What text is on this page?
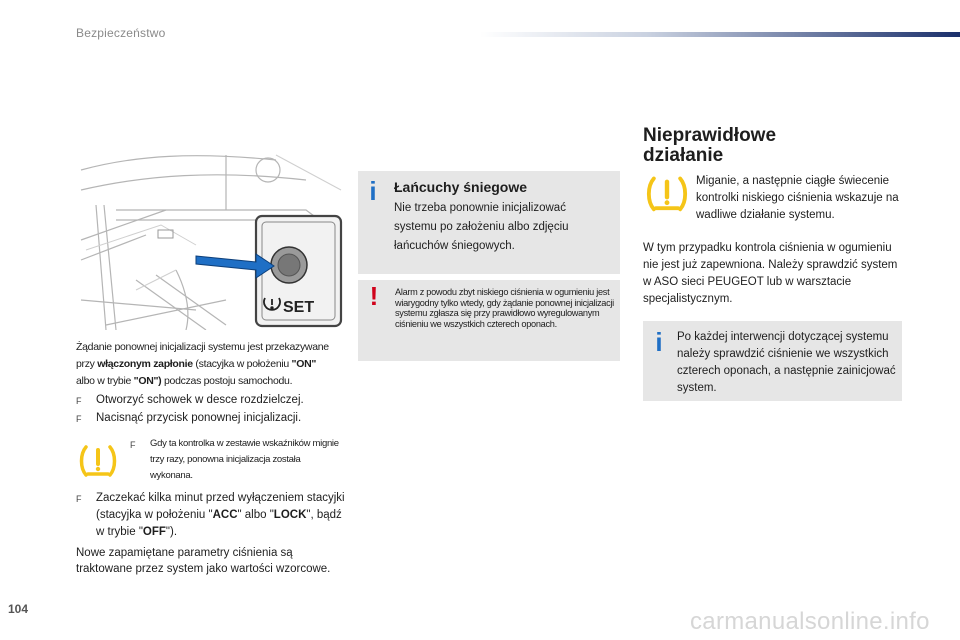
Bezpieczeństwo
SET
Żądanie ponownej inicjalizacji systemu jest przekazywane
przy włączonym zapłonie (stacyjka w położeniu "ON"
albo w trybie "ON") podczas postoju samochodu.
F	Otworzyć schowek w desce rozdzielczej.
F	Nacisnąć przycisk ponownej inicjalizacji.
F	Gdy ta kontrolka w zestawie wskaźników mignie trzy razy, ponowna inicjalizacja została wykonana.
F	Zaczekać kilka minut przed wyłączeniem stacyjki (stacyjka w położeniu "ACC" albo "LOCK", bądź w trybie "OFF").
Nowe zapamiętane parametry ciśnienia są traktowane przez system jako wartości wzorcowe.
i	Łańcuchy śniegowe
Nie trzeba ponownie inicjalizować systemu po założeniu albo zdjęciu łańcuchów śniegowych.
!	Alarm z powodu zbyt niskiego ciśnienia w ogumieniu jest wiarygodny tylko wtedy, gdy żądanie ponownej inicjalizacji systemu zgłasza się przy prawidłowo wyregulowanym ciśnieniu we wszystkich czterech oponach.
Nieprawidłowe
działanie
Miganie, a następnie ciągłe świecenie kontrolki niskiego ciśnienia wskazuje na wadliwe działanie systemu.
W tym przypadku kontrola ciśnienia w ogumieniu nie jest już zapewniona. Należy sprawdzić system w ASO sieci PEUGEOT lub w warsztacie specjalistycznym.
i	Po każdej interwencji dotyczącej systemu należy sprawdzić ciśnienie we wszystkich czterech oponach, a następnie zainicjować system.
104	carmanualsonline.info
